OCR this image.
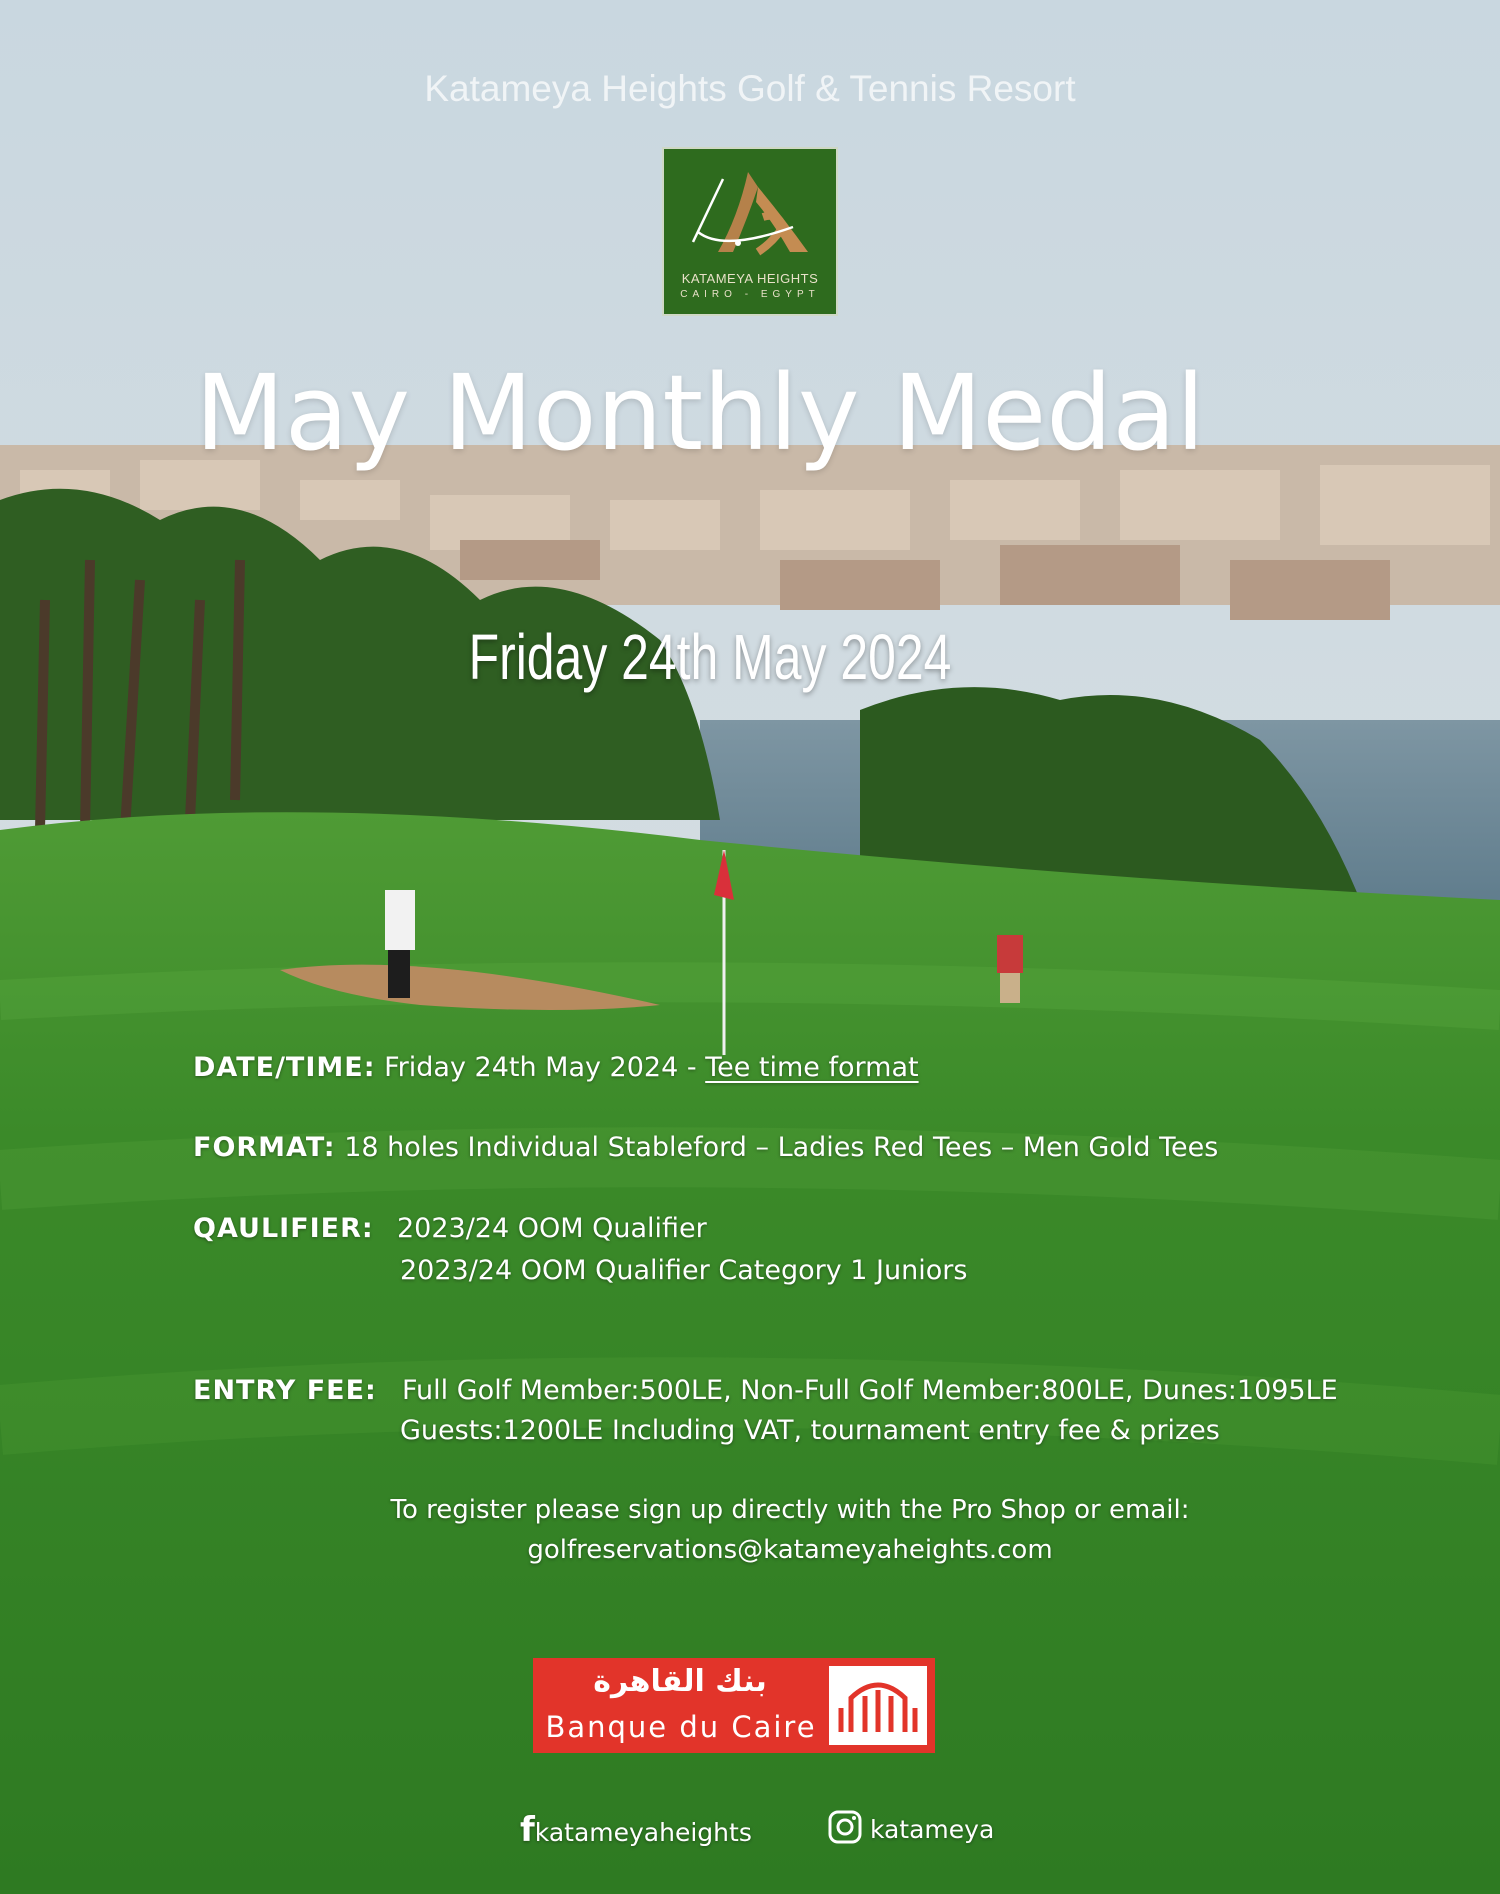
Katameya Heights Golf & Tennis Resort
KATAMEYA HEIGHTS
CAIRO - EGYPT
May Monthly Medal
Friday 24th May 2024
DATE/TIME: Friday 24th May 2024 - Tee time format
FORMAT: 18 holes Individual Stableford – Ladies Red Tees – Men Gold Tees
QAULIFIER: 2023/24 OOM Qualifier
2023/24 OOM Qualifier Category 1 Juniors
ENTRY FEE: Full Golf Member:500LE, Non-Full Golf Member:800LE, Dunes:1095LE
Guests:1200LE Including VAT, tournament entry fee & prizes
To register please sign up directly with the Pro Shop or email:
golfreservations@katameyaheights.com
بنك القاهرة
Banque du Caire
fkatameyaheights	katameya
